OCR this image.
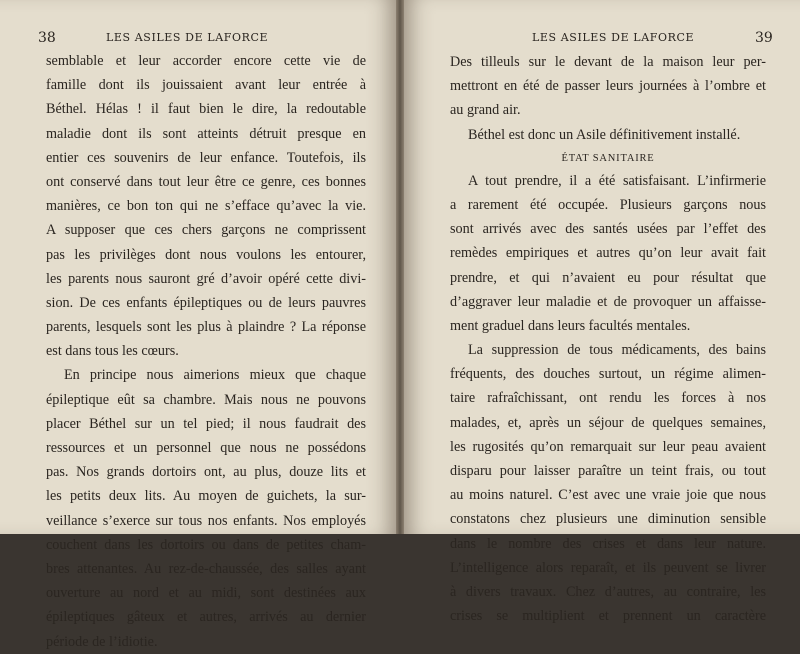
38	LES ASILES DE LAFORCE
semblable et leur accorder encore cette vie de
famille dont ils jouissaient avant leur entrée à
Béthel. Hélas ! il faut bien le dire, la redoutable
maladie dont ils sont atteints détruit presque en
entier ces souvenirs de leur enfance. Toutefois, ils
ont conservé dans tout leur être ce genre, ces bonnes
manières, ce bon ton qui ne s’efface qu’avec la vie.
A supposer que ces chers garçons ne comprissent
pas les privilèges dont nous voulons les entourer,
les parents nous sauront gré d’avoir opéré cette divi-
sion. De ces enfants épileptiques ou de leurs pauvres
parents, lesquels sont les plus à plaindre ? La réponse
est dans tous les cœurs.
En principe nous aimerions mieux que chaque
épileptique eût sa chambre. Mais nous ne pouvons
placer Béthel sur un tel pied; il nous faudrait des
ressources et un personnel que nous ne possédons
pas. Nos grands dortoirs ont, au plus, douze lits et
les petits deux lits. Au moyen de guichets, la sur-
veillance s’exerce sur tous nos enfants. Nos employés
couchent dans les dortoirs ou dans de petites cham-
bres attenantes. Au rez-de-chaussée, des salles ayant
ouverture au nord et au midi, sont destinées aux
épileptiques gâteux et autres, arrivés au dernier
période de l’idiotie.
LES ASILES DE LAFORCE	39
Des tilleuls sur le devant de la maison leur per-
mettront en été de passer leurs journées à l’ombre et
au grand air.
Béthel est donc un Asile définitivement installé.
ÉTAT SANITAIRE
A tout prendre, il a été satisfaisant. L’infirmerie
a rarement été occupée. Plusieurs garçons nous
sont arrivés avec des santés usées par l’effet des
remèdes empiriques et autres qu’on leur avait fait
prendre, et qui n’avaient eu pour résultat que
d’aggraver leur maladie et de provoquer un affaisse-
ment graduel dans leurs facultés mentales.
La suppression de tous médicaments, des bains
fréquents, des douches surtout, un régime alimen-
taire rafraîchissant, ont rendu les forces à nos
malades, et, après un séjour de quelques semaines,
les rugosités qu’on remarquait sur leur peau avaient
disparu pour laisser paraître un teint frais, ou tout
au moins naturel. C’est avec une vraie joie que nous
constatons chez plusieurs une diminution sensible
dans le nombre des crises et dans leur nature.
L’intelligence alors reparaît, et ils peuvent se livrer
à divers travaux. Chez d’autres, au contraire, les
crises se multiplient et prennent un caractère
